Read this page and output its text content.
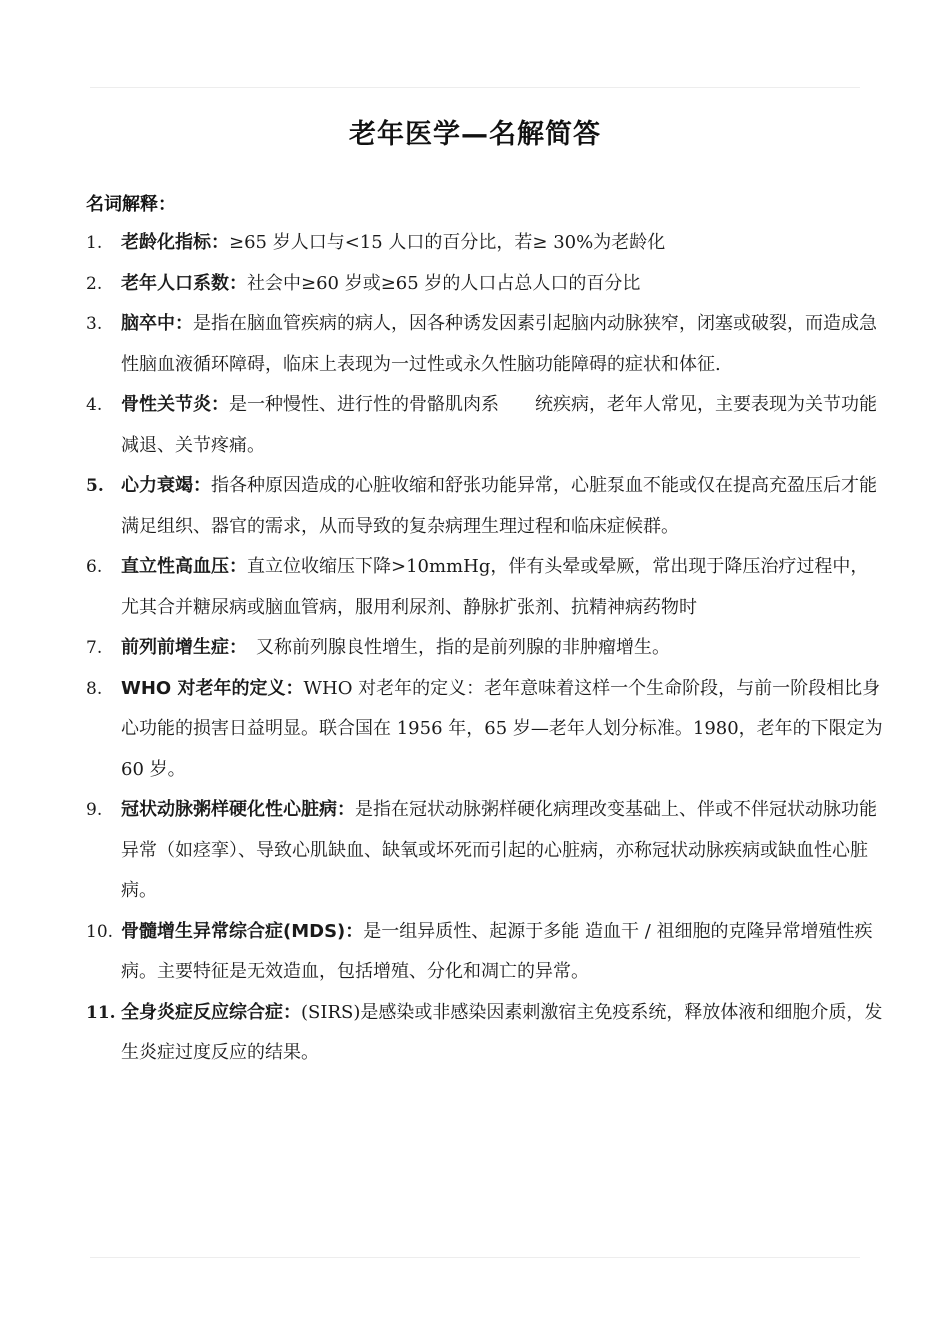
老年医学—名解简答
名词解释：
1. 老龄化指标：≥65 岁人口与<15 人口的百分比，若≥ 30%为老龄化
2. 老年人口系数：社会中≥60 岁或≥65 岁的人口占总人口的百分比
3. 脑卒中：是指在脑血管疾病的病人，因各种诱发因素引起脑内动脉狭窄，闭塞或破裂，而造成急性脑血液循环障碍，临床上表现为一过性或永久性脑功能障碍的症状和体征.
4. 骨性关节炎：是一种慢性、进行性的骨骼肌肉系　　统疾病，老年人常见，主要表现为关节功能减退、关节疼痛。
5. 心力衰竭：指各种原因造成的心脏收缩和舒张功能异常，心脏泵血不能或仅在提高充盈压后才能满足组织、器官的需求，从而导致的复杂病理生理过程和临床症候群。
6. 直立性高血压：直立位收缩压下降>10mmHg，伴有头晕或晕厥，常出现于降压治疗过程中，尤其合并糖尿病或脑血管病，服用利尿剂、静脉扩张剂、抗精神病药物时
7. 前列前增生症：　又称前列腺良性增生，指的是前列腺的非肿瘤增生。
8. WHO 对老年的定义：WHO 对老年的定义：老年意味着这样一个生命阶段，与前一阶段相比身心功能的损害日益明显。联合国在 1956 年，65 岁—老年人划分标准。1980，老年的下限定为 60 岁。
9. 冠状动脉粥样硬化性心脏病：是指在冠状动脉粥样硬化病理改变基础上、伴或不伴冠状动脉功能异常（如痉挛）、导致心肌缺血、缺氧或坏死而引起的心脏病，亦称冠状动脉疾病或缺血性心脏病。
10. 骨髓增生异常综合症(MDS)：是一组异质性、起源于多能 造血干 / 祖细胞的克隆异常增殖性疾病。主要特征是无效造血，包括增殖、分化和凋亡的异常。
11. 全身炎症反应综合症：(SIRS)是感染或非感染因素刺激宿主免疫系统，释放体液和细胞介质，发生炎症过度反应的结果。
